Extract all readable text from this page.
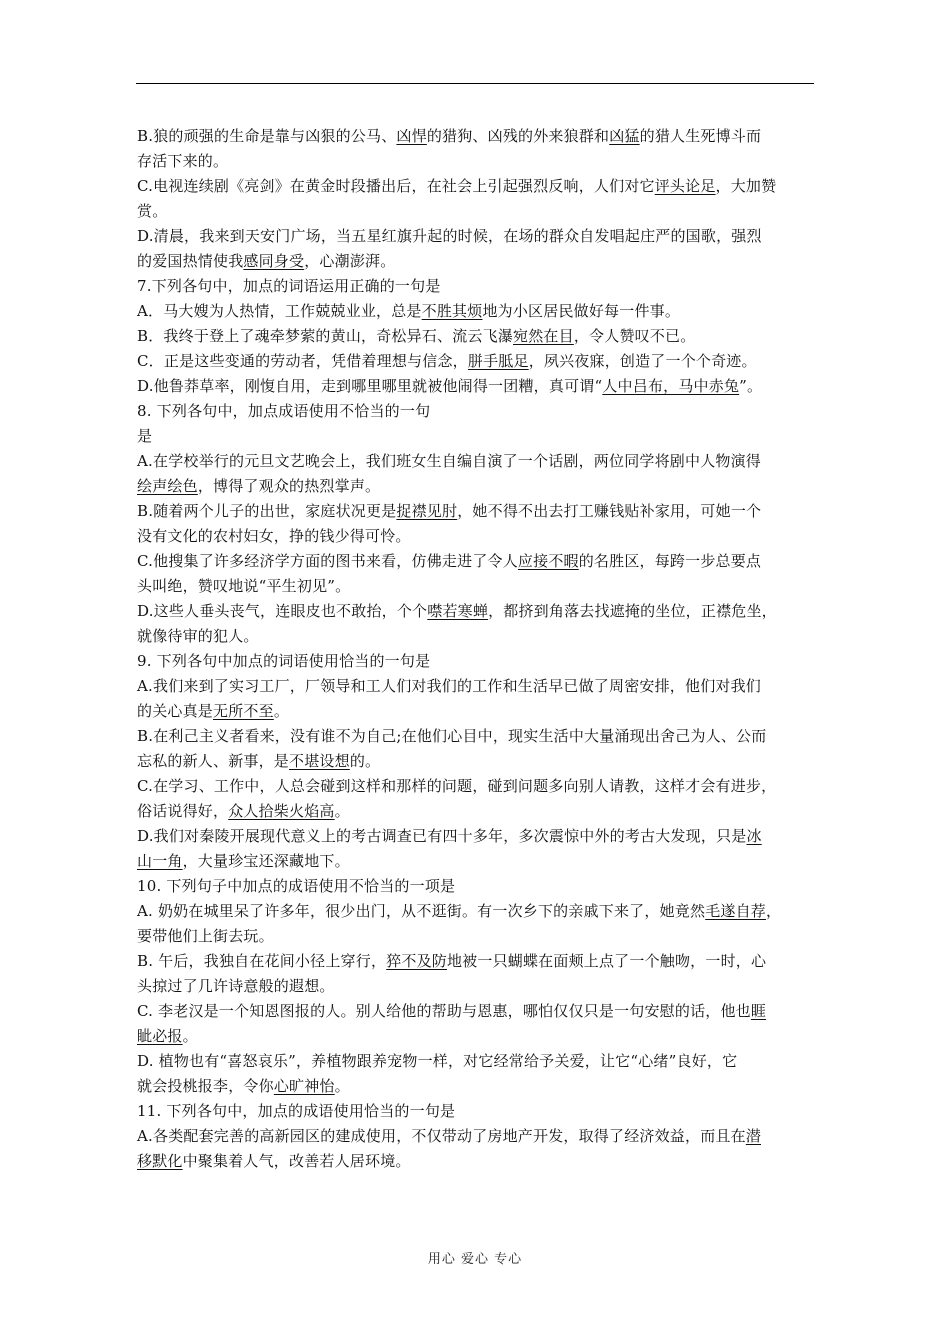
B.狼的顽强的生命是靠与凶狠的公马、凶悍的猎狗、凶残的外来狼群和凶猛的猎人生死博斗而
存活下来的。
C.电视连续剧《亮剑》在黄金时段播出后，在社会上引起强烈反响，人们对它评头论足，大加赞
赏。
D.清晨，我来到天安门广场，当五星红旗升起的时候，在场的群众自发唱起庄严的国歌，强烈
的爱国热情使我感同身受，心潮澎湃。
7.下列各句中，加点的词语运用正确的一句是
A．马大嫂为人热情，工作兢兢业业，总是不胜其烦地为小区居民做好每一件事。
B．我终于登上了魂牵梦萦的黄山，奇松异石、流云飞瀑宛然在目，令人赞叹不已。
C．正是这些变通的劳动者，凭借着理想与信念，胼手胝足，夙兴夜寐，创造了一个个奇迹。
D.他鲁莽草率，刚愎自用，走到哪里哪里就被他闹得一团糟，真可谓“人中吕布，马中赤兔”。
8. 下列各句中，加点成语使用不恰当的一句
是
A.在学校举行的元旦文艺晚会上，我们班女生自编自演了一个话剧，两位同学将剧中人物演得
绘声绘色，博得了观众的热烈掌声。
B.随着两个儿子的出世，家庭状况更是捉襟见肘，她不得不出去打工赚钱贴补家用，可她一个
没有文化的农村妇女，挣的钱少得可怜。
C.他搜集了许多经济学方面的图书来看，仿佛走进了令人应接不暇的名胜区，每跨一步总要点
头叫绝，赞叹地说“平生初见”。
D.这些人垂头丧气，连眼皮也不敢抬，个个噤若寒蝉，都挤到角落去找遮掩的坐位，正襟危坐，
就像待审的犯人。
9. 下列各句中加点的词语使用恰当的一句是
A.我们来到了实习工厂，厂领导和工人们对我们的工作和生活早已做了周密安排，他们对我们
的关心真是无所不至。
B.在利己主义者看来，没有谁不为自己;在他们心目中，现实生活中大量涌现出舍己为人、公而
忘私的新人、新事，是不堪设想的。
C.在学习、工作中，人总会碰到这样和那样的问题，碰到问题多向别人请教，这样才会有进步，
俗话说得好，众人拾柴火焰高。
D.我们对秦陵开展现代意义上的考古调查已有四十多年，多次震惊中外的考古大发现，只是冰
山一角，大量珍宝还深藏地下。
10. 下列句子中加点的成语使用不恰当的一项是
A. 奶奶在城里呆了许多年，很少出门，从不逛街。有一次乡下的亲戚下来了，她竟然毛遂自荐，
要带他们上街去玩。
B. 午后，我独自在花间小径上穿行，猝不及防地被一只蝴蝶在面颊上点了一个触吻，一时，心
头掠过了几许诗意般的遐想。
C. 李老汉是一个知恩图报的人。别人给他的帮助与恩惠，哪怕仅仅只是一句安慰的话，他也睚
眦必报。
D. 植物也有“喜怒哀乐”，养植物跟养宠物一样，对它经常给予关爱，让它“心绪”良好，它
就会投桃报李，令你心旷神怡。
11. 下列各句中，加点的成语使用恰当的一句是
A.各类配套完善的高新园区的建成使用，不仅带动了房地产开发，取得了经济效益，而且在潜
移默化中聚集着人气，改善若人居环境。
用心 爱心 专心
